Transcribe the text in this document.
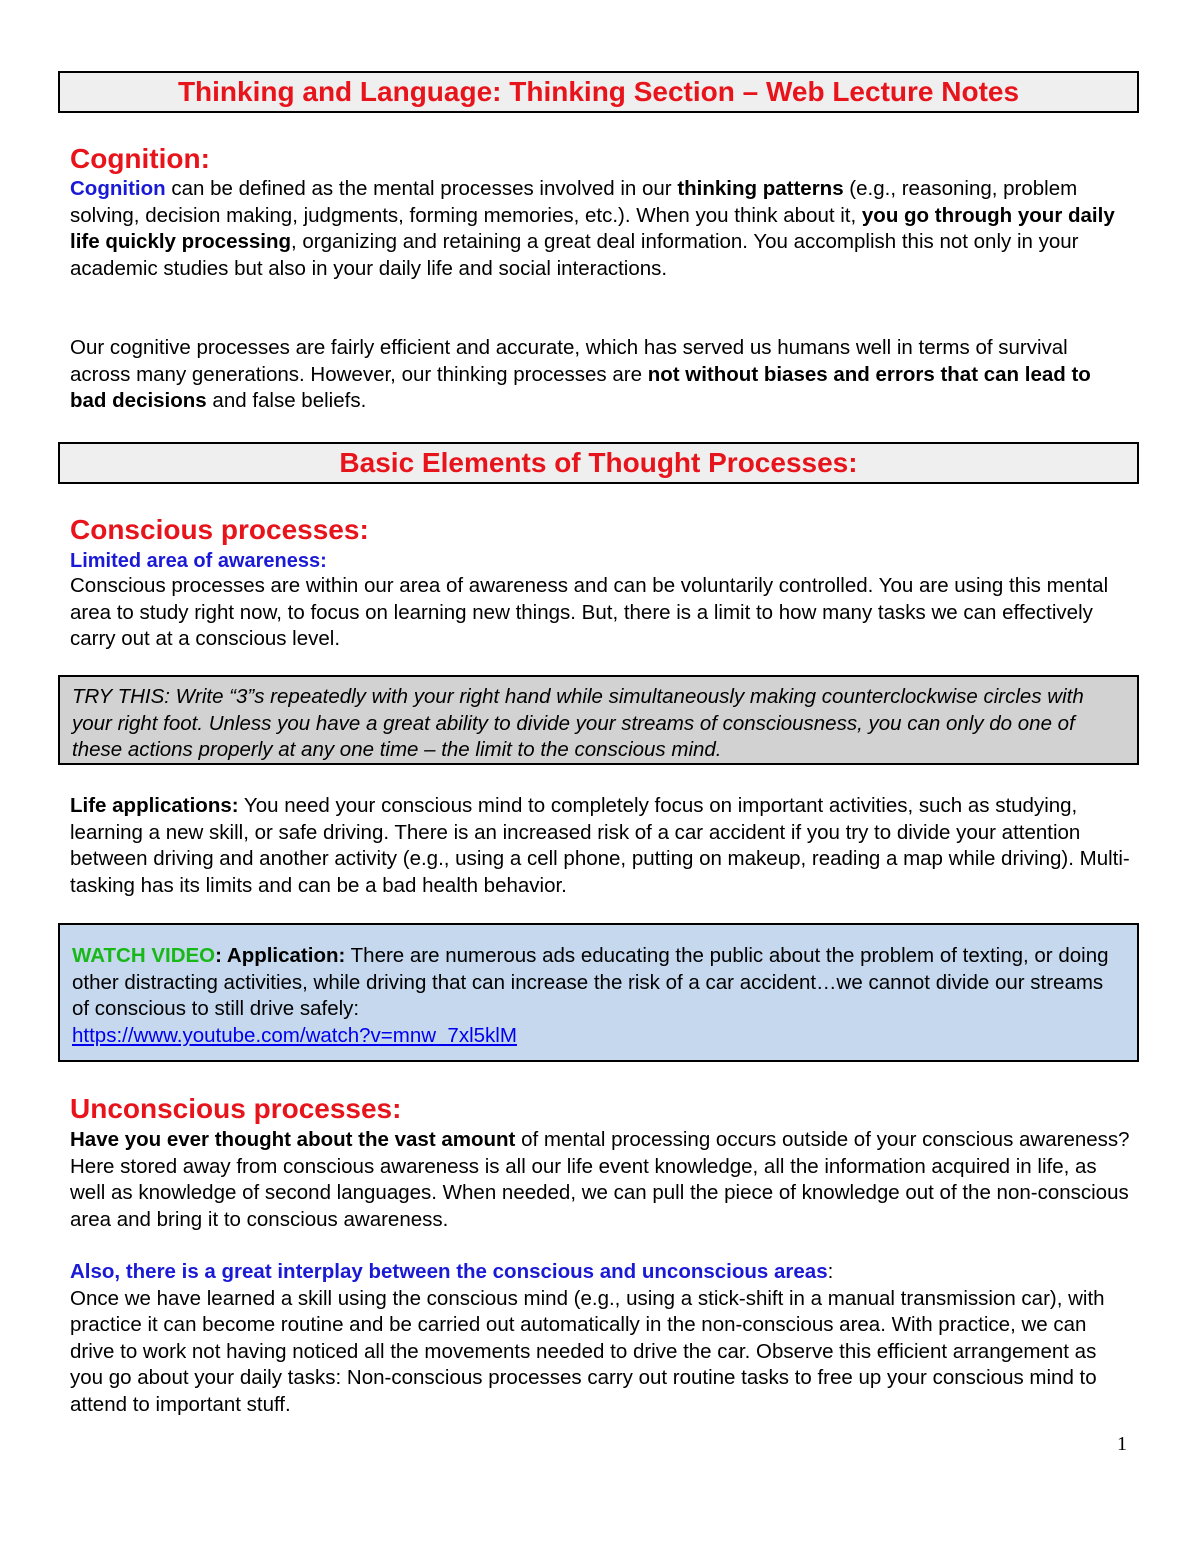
Thinking and Language: Thinking Section – Web Lecture Notes
Cognition:

Cognition can be defined as the mental processes involved in our thinking patterns (e.g., reasoning, problem solving, decision making, judgments, forming memories, etc.). When you think about it, you go through your daily life quickly processing, organizing and retaining a great deal information. You accomplish this not only in your academic studies but also in your daily life and social interactions.

Our cognitive processes are fairly efficient and accurate, which has served us humans well in terms of survival across many generations. However, our thinking processes are not without biases and errors that can lead to bad decisions and false beliefs.

Basic Elements of Thought Processes:
Conscious processes:
Limited area of awareness:

Conscious processes are within our area of awareness and can be voluntarily controlled. You are using this mental area to study right now, to focus on learning new things. But, there is a limit to how many tasks we can effectively carry out at a conscious level.

TRY THIS: Write “3”s repeatedly with your right hand while simultaneously making counterclockwise circles with your right foot. Unless you have a great ability to divide your streams of consciousness, you can only do one of these actions properly at any one time – the limit to the conscious mind.

Life applications: You need your conscious mind to completely focus on important activities, such as studying, learning a new skill, or safe driving. There is an increased risk of a car accident if you try to divide your attention between driving and another activity (e.g., using a cell phone, putting on makeup, reading a map while driving). Multi-tasking has its limits and can be a bad health behavior.

WATCH VIDEO: Application: There are numerous ads educating the public about the problem of texting, or doing other distracting activities, while driving that can increase the risk of a car accident…we cannot divide our streams of conscious to still drive safely:
https://www.youtube.com/watch?v=mnw_7xl5klM

Unconscious processes:

Have you ever thought about the vast amount of mental processing occurs outside of your conscious awareness? Here stored away from conscious awareness is all our life event knowledge, all the information acquired in life, as well as knowledge of second languages. When needed, we can pull the piece of knowledge out of the non-conscious area and bring it to conscious awareness.

Also, there is a great interplay between the conscious and unconscious areas:
Once we have learned a skill using the conscious mind (e.g., using a stick-shift in a manual transmission car), with practice it can become routine and be carried out automatically in the non-conscious area. With practice, we can drive to work not having noticed all the movements needed to drive the car. Observe this efficient arrangement as you go about your daily tasks: Non-conscious processes carry out routine tasks to free up your conscious mind to attend to important stuff.

1
